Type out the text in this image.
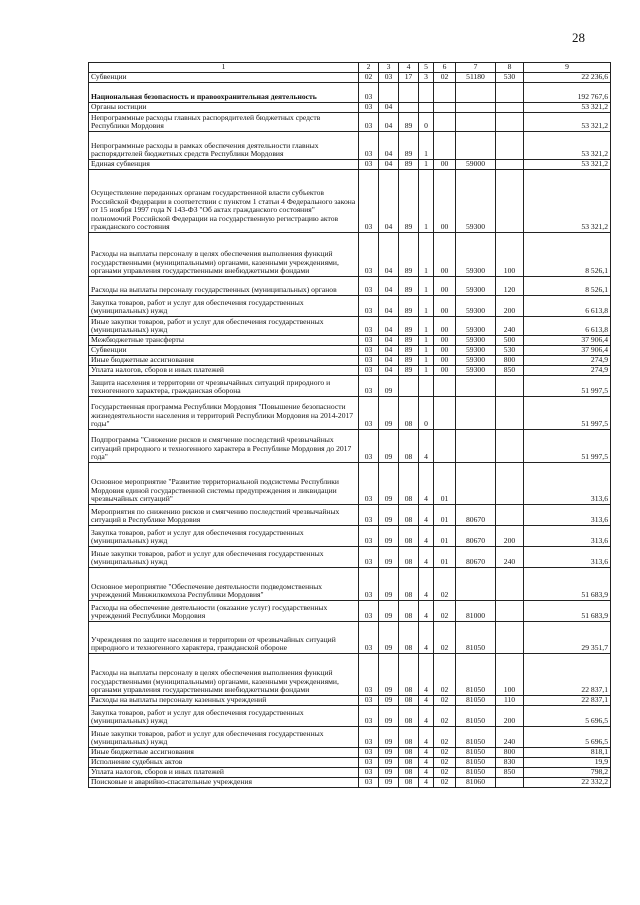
28
1	2	3	4	5	6	7	8	9
Субвенции	02	03	17	3	02	51180	530	22 236,6
Национальная безопасность и правоохранительная деятельность	03							192 767,6
Органы юстиции	03	04						53 321,2
Непрограммные расходы главных распорядителей бюджетных средств Республики Мордовия	03	04	89	0				53 321,2
Непрограммные расходы в рамках обеспечения деятельности главных распорядителей бюджетных средств Республики Мордовия	03	04	89	1				53 321,2
Единая субвенция	03	04	89	1	00	59000		53 321,2
Осуществление переданных органам государственной власти субъектов Российской Федерации в соответствии с пунктом 1 статьи 4 Федерального закона от 15 ноября 1997 года N 143-ФЗ "Об актах гражданского состояния" полномочий Российской Федерации на государственную регистрацию актов гражданского состояния	03	04	89	1	00	59300		53 321,2
Расходы на выплаты персоналу в целях обеспечения выполнения функций государственными (муниципальными) органами, казенными учреждениями, органами управления государственными внебюджетными фондами	03	04	89	1	00	59300	100	8 526,1
Расходы на выплаты персоналу государственных (муниципальных) органов	03	04	89	1	00	59300	120	8 526,1
Закупка товаров, работ и услуг для обеспечения государственных (муниципальных) нужд	03	04	89	1	00	59300	200	6 613,8
Иные закупки товаров, работ и услуг для обеспечения государственных (муниципальных) нужд	03	04	89	1	00	59300	240	6 613,8
Межбюджетные трансферты	03	04	89	1	00	59300	500	37 906,4
Субвенции	03	04	89	1	00	59300	530	37 906,4
Иные бюджетные ассигнования	03	04	89	1	00	59300	800	274,9
Уплата налогов, сборов и иных платежей	03	04	89	1	00	59300	850	274,9
Защита населения и территории от чрезвычайных ситуаций природного и техногенного характера, гражданская оборона	03	09						51 997,5
Государственная программа Республики Мордовия "Повышение безопасности жизнедеятельности населения и территорий Республики Мордовия на 2014-2017 годы"	03	09	08	0				51 997,5
Подпрограмма "Снижение рисков и смягчение последствий чрезвычайных ситуаций природного и техногенного характера в Республике Мордовия до 2017 года"	03	09	08	4				51 997,5
Основное мероприятие "Развитие территориальной подсистемы Республики Мордовия единой государственной системы предупреждения и ликвидации чрезвычайных ситуаций"	03	09	08	4	01			313,6
Мероприятия по снижению рисков и смягчению последствий чрезвычайных ситуаций в Республике Мордовия	03	09	08	4	01	80670		313,6
Закупка товаров, работ и услуг для обеспечения государственных (муниципальных) нужд	03	09	08	4	01	80670	200	313,6
Иные закупки товаров, работ и услуг для обеспечения государственных (муниципальных) нужд	03	09	08	4	01	80670	240	313,6
Основное мероприятие "Обеспечение деятельности подведомственных учреждений Минжилкомхоза Республики Мордовия"	03	09	08	4	02			51 683,9
Расходы на обеспечение деятельности (оказание услуг) государственных учреждений Республики Мордовия	03	09	08	4	02	81000		51 683,9
Учреждения по защите населения и территории от чрезвычайных ситуаций природного и техногенного характера, гражданской обороне	03	09	08	4	02	81050		29 351,7
Расходы на выплаты персоналу в целях обеспечения выполнения функций государственными (муниципальными) органами, казенными учреждениями, органами управления государственными внебюджетными фондами	03	09	08	4	02	81050	100	22 837,1
Расходы на выплаты персоналу казенных учреждений	03	09	08	4	02	81050	110	22 837,1
Закупка товаров, работ и услуг для обеспечения государственных (муниципальных) нужд	03	09	08	4	02	81050	200	5 696,5
Иные закупки товаров, работ и услуг для обеспечения государственных (муниципальных) нужд	03	09	08	4	02	81050	240	5 696,5
Иные бюджетные ассигнования	03	09	08	4	02	81050	800	818,1
Исполнение судебных актов	03	09	08	4	02	81050	830	19,9
Уплата налогов, сборов и иных платежей	03	09	08	4	02	81050	850	798,2
Поисковые и аварийно-спасательные учреждения	03	09	08	4	02	81060		22 332,2
